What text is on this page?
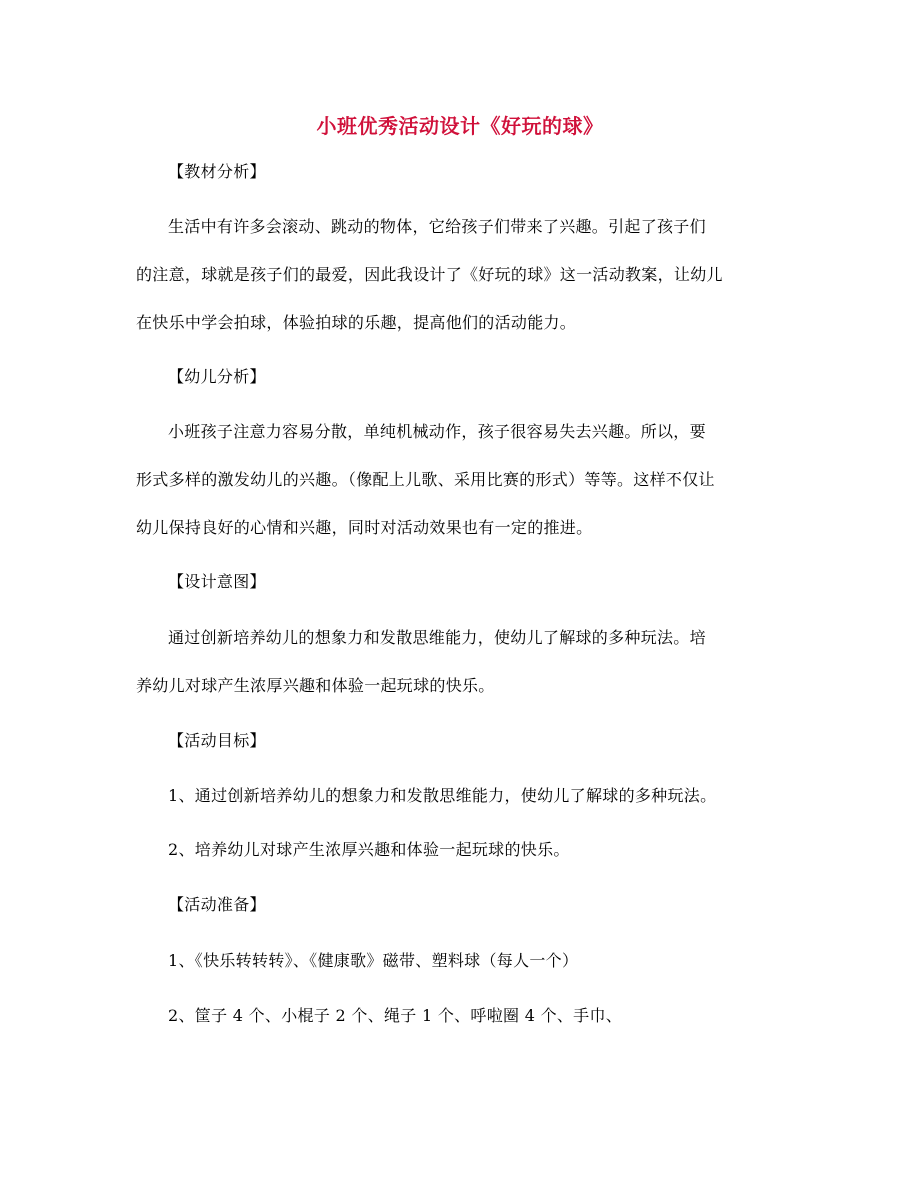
小班优秀活动设计《好玩的球》
【教材分析】
生活中有许多会滚动、跳动的物体，它给孩子们带来了兴趣。引起了孩子们
的注意，球就是孩子们的最爱，因此我设计了《好玩的球》这一活动教案，让幼儿
在快乐中学会拍球，体验拍球的乐趣，提高他们的活动能力。
【幼儿分析】
小班孩子注意力容易分散，单纯机械动作，孩子很容易失去兴趣。所以，要
形式多样的激发幼儿的兴趣。（像配上儿歌、采用比赛的形式）等等。这样不仅让
幼儿保持良好的心情和兴趣，同时对活动效果也有一定的推进。
【设计意图】
通过创新培养幼儿的想象力和发散思维能力，使幼儿了解球的多种玩法。培
养幼儿对球产生浓厚兴趣和体验一起玩球的快乐。
【活动目标】
1、通过创新培养幼儿的想象力和发散思维能力，使幼儿了解球的多种玩法。
2、培养幼儿对球产生浓厚兴趣和体验一起玩球的快乐。
【活动准备】
1、《快乐转转转》、《健康歌》磁带、塑料球（每人一个）
2、筐子 4 个、小棍子 2 个、绳子 1 个、呼啦圈 4 个、手巾、
